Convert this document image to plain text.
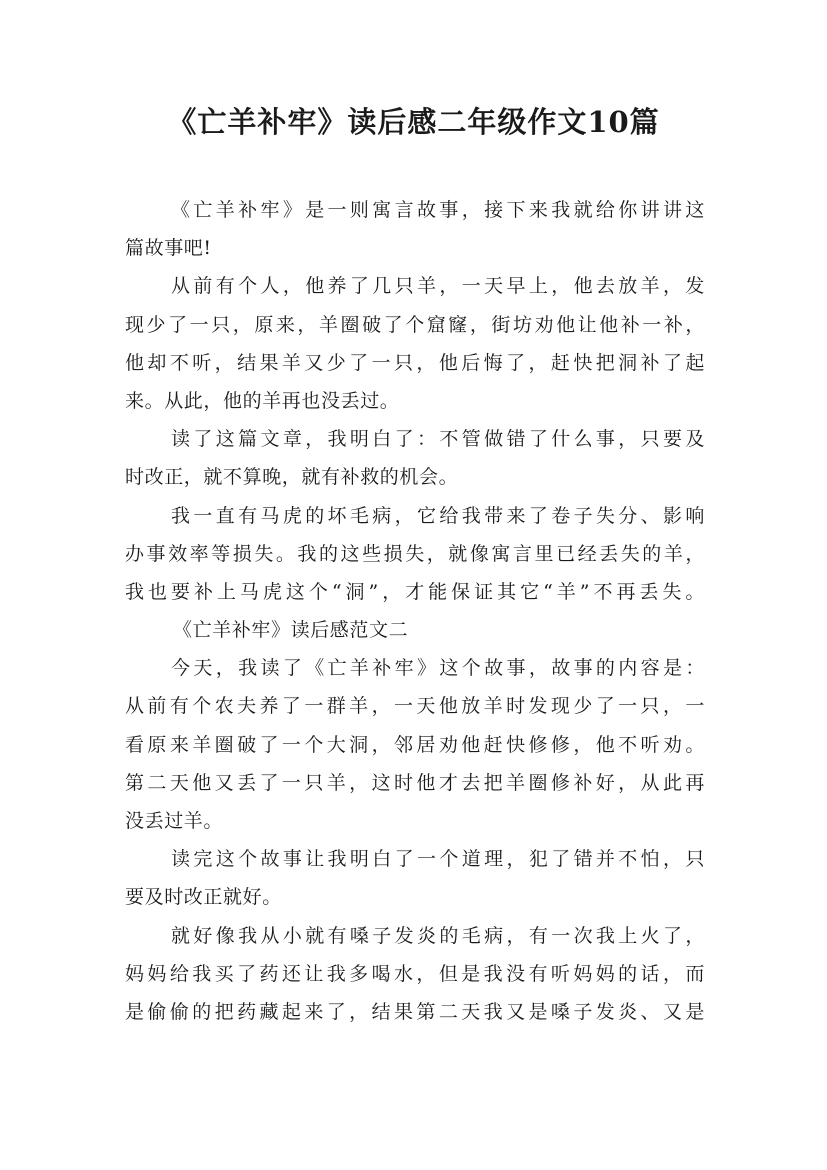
《亡羊补牢》读后感二年级作文10篇
《亡羊补牢》是一则寓言故事，接下来我就给你讲讲这
篇故事吧!
从前有个人，他养了几只羊，一天早上，他去放羊，发
现少了一只，原来，羊圈破了个窟窿，街坊劝他让他补一补，
他却不听，结果羊又少了一只，他后悔了，赶快把洞补了起
来。从此，他的羊再也没丢过。
读了这篇文章，我明白了：不管做错了什么事，只要及
时改正，就不算晚，就有补救的机会。
我一直有马虎的坏毛病，它给我带来了卷子失分、影响
办事效率等损失。我的这些损失，就像寓言里已经丢失的羊，
我也要补上马虎这个“洞”，才能保证其它“羊”不再丢失。
《亡羊补牢》读后感范文二
今天，我读了《亡羊补牢》这个故事，故事的内容是：
从前有个农夫养了一群羊，一天他放羊时发现少了一只，一
看原来羊圈破了一个大洞，邻居劝他赶快修修，他不听劝。
第二天他又丢了一只羊，这时他才去把羊圈修补好，从此再
没丢过羊。
读完这个故事让我明白了一个道理，犯了错并不怕，只
要及时改正就好。
就好像我从小就有嗓子发炎的毛病，有一次我上火了，
妈妈给我买了药还让我多喝水，但是我没有听妈妈的话，而
是偷偷的把药藏起来了，结果第二天我又是嗓子发炎、又是
